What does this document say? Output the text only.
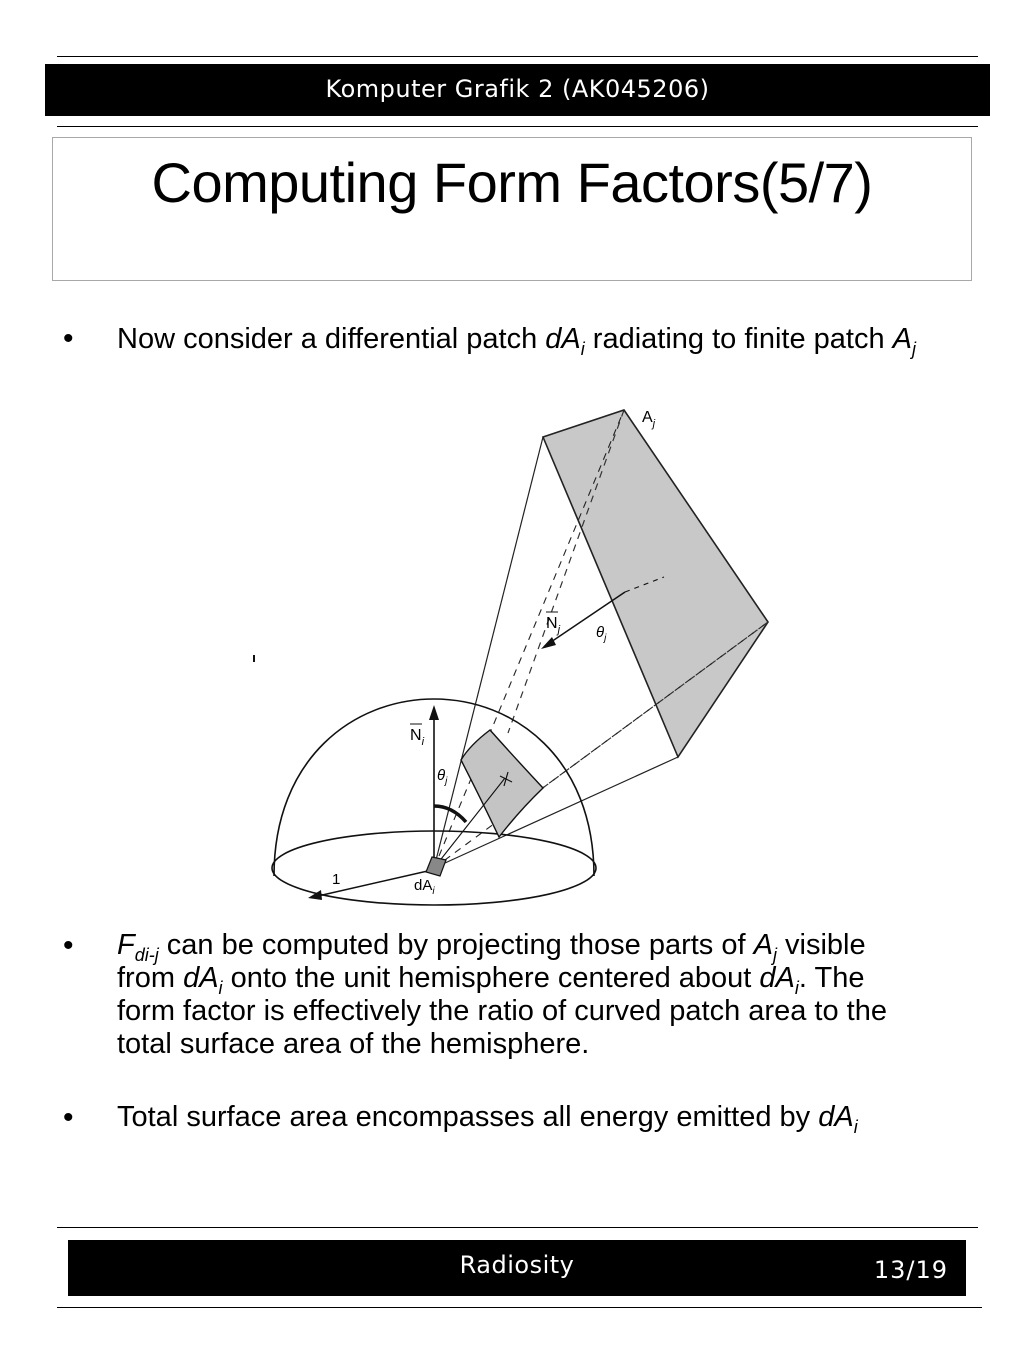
Komputer Grafik 2 (AK045206)
Computing Form Factors(5/7)
• Now consider a differential patch $dA_i$ radiating to finite patch $A_j$
$A_j$
$N_j$ $\theta_j$
$N_i$
$\theta_j$
1	$dA_i$
• $F_{di-j}$ can be computed by projecting those parts of $A_j$ visible from $dA_i$ onto the unit hemisphere centered about $dA_i$. The form factor is effectively the ratio of curved patch area to the total surface area of the hemisphere.
• Total surface area encompasses all energy emitted by $dA_i$
Radiosity	13/19
